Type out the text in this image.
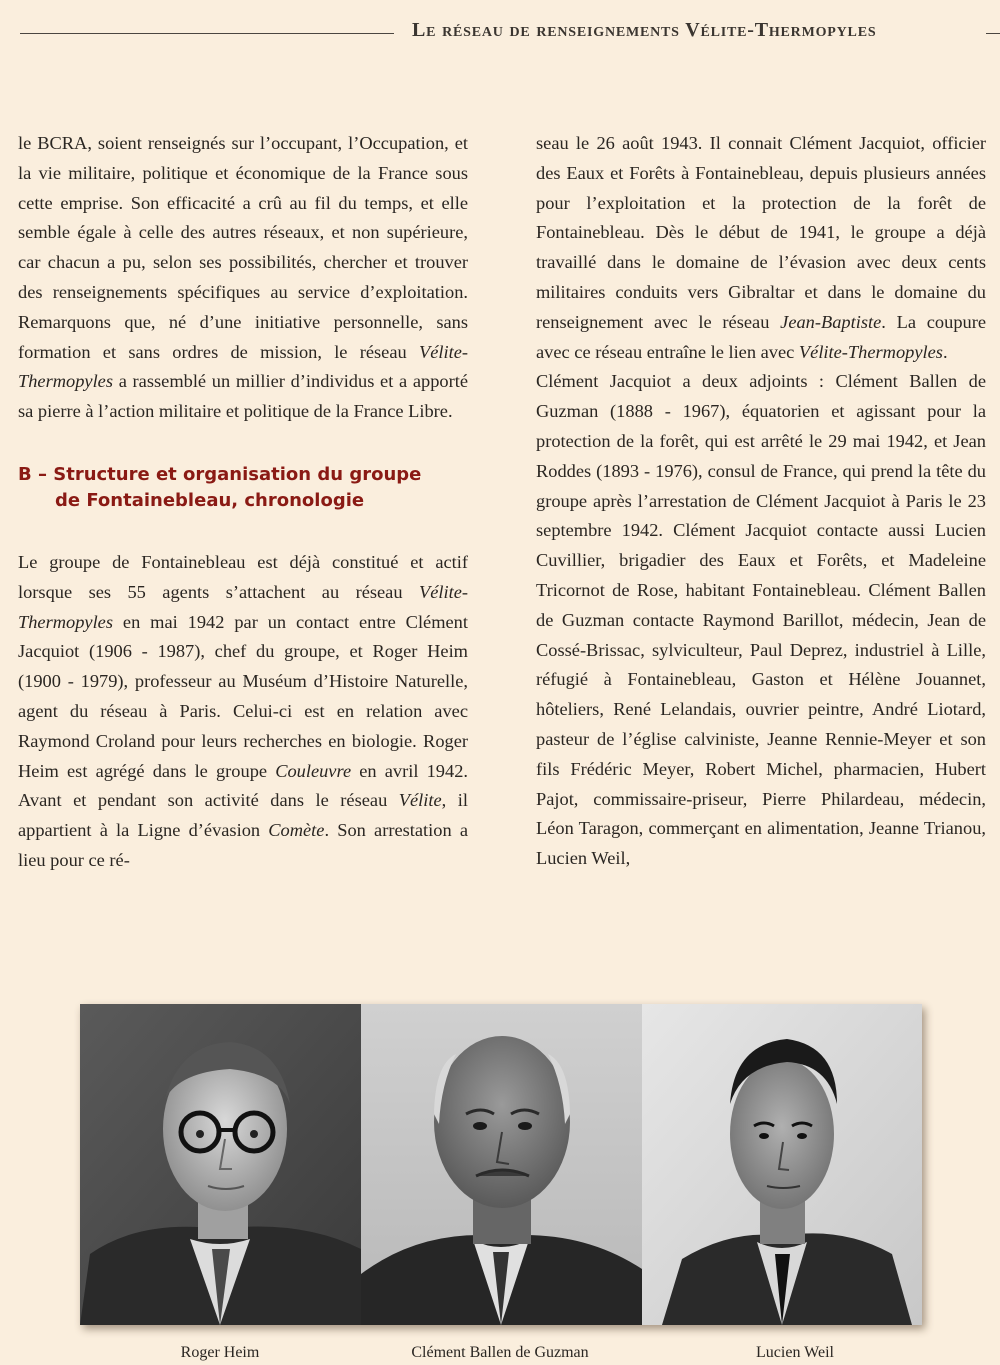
Le réseau de renseignements Vélite-Thermopyles

le BCRA, soient renseignés sur l’occupant, l’Occupation, et la vie militaire, politique et économique de la France sous cette emprise. Son efficacité a crû au fil du temps, et elle semble égale à celle des autres réseaux, et non supérieure, car chacun a pu, selon ses possibilités, chercher et trouver des renseignements spécifiques au service d’exploitation. Remarquons que, né d’une initiative personnelle, sans formation et sans ordres de mission, le réseau Vélite-Thermopyles a rassemblé un millier d’individus et a apporté sa pierre à l’action militaire et politique de la France Libre.

B – Structure et organisation du groupe
de Fontainebleau, chronologie

Le groupe de Fontainebleau est déjà constitué et actif lorsque ses 55 agents s’attachent au réseau Vélite-Thermopyles en mai 1942 par un contact entre Clément Jacquiot (1906 - 1987), chef du groupe, et Roger Heim (1900 - 1979), professeur au Muséum d’Histoire Naturelle, agent du réseau à Paris. Celui-ci est en relation avec Raymond Croland pour leurs recherches en biologie. Roger Heim est agrégé dans le groupe Couleuvre en avril 1942. Avant et pendant son activité dans le réseau Vélite, il appartient à la Ligne d’évasion Comète. Son arrestation a lieu pour ce ré-

seau le 26 août 1943. Il connait Clément Jacquiot, officier des Eaux et Forêts à Fontainebleau, depuis plusieurs années pour l’exploitation et la protection de la forêt de Fontainebleau. Dès le début de 1941, le groupe a déjà travaillé dans le domaine de l’évasion avec deux cents militaires conduits vers Gibraltar et dans le domaine du renseignement avec le réseau Jean-Baptiste. La coupure avec ce réseau entraîne le lien avec Vélite-Thermopyles.

Clément Jacquiot a deux adjoints : Clément Ballen de Guzman (1888 - 1967), équatorien et agissant pour la protection de la forêt, qui est arrêté le 29 mai 1942, et Jean Roddes (1893 - 1976), consul de France, qui prend la tête du groupe après l’arrestation de Clément Jacquiot à Paris le 23 septembre 1942. Clément Jacquiot contacte aussi Lucien Cuvillier, brigadier des Eaux et Forêts, et Madeleine Tricornot de Rose, habitant Fontainebleau. Clément Ballen de Guzman contacte Raymond Barillot, médecin, Jean de Cossé-Brissac, sylviculteur, Paul Deprez, industriel à Lille, réfugié à Fontainebleau, Gaston et Hélène Jouannet, hôteliers, René Lelandais, ouvrier peintre, André Liotard, pasteur de l’église calviniste, Jeanne Rennie-Meyer et son fils Frédéric Meyer, Robert Michel, pharmacien, Hubert Pajot, commissaire-priseur, Pierre Philardeau, médecin, Léon Taragon, commerçant en alimentation, Jeanne Trianou, Lucien Weil,

Roger Heim	Clément Ballen de Guzman	Lucien Weil
